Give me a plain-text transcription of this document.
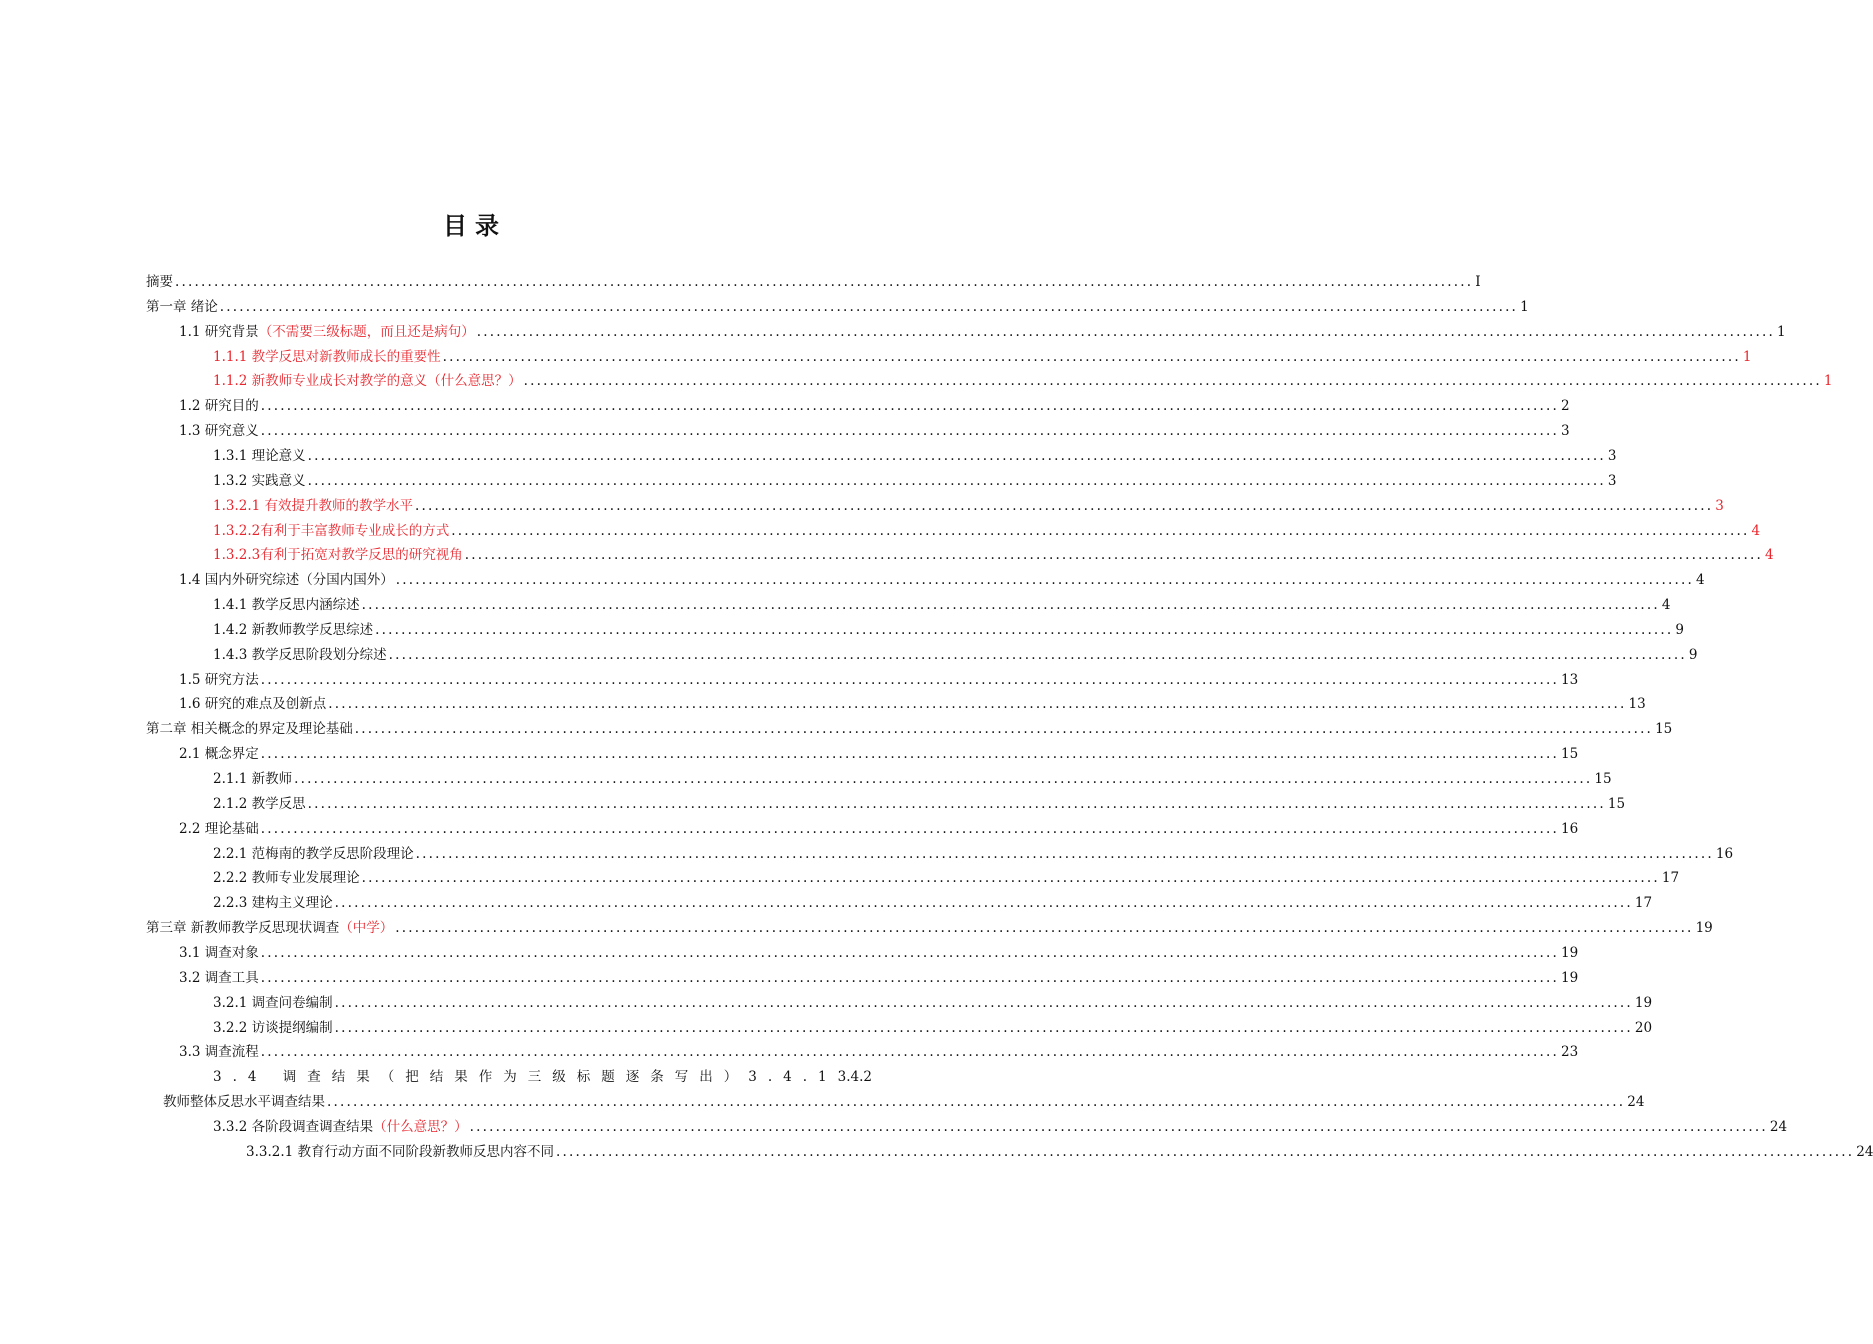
目录
摘要 ........................................................................................................................................................................................................ I
第一章 绪论 ........................................................................................................................................................................................................ 1
1.1 研究背景（不需要三级标题，而且还是病句） ........................................................................................................................................................................................................ 1
1.1.1 教学反思对新教师成长的重要性 ........................................................................................................................................................................................................ 1
1.1.2 新教师专业成长对教学的意义（什么意思？） ........................................................................................................................................................................................................ 1
1.2 研究目的 ........................................................................................................................................................................................................ 2
1.3 研究意义 ........................................................................................................................................................................................................ 3
1.3.1 理论意义 ........................................................................................................................................................................................................ 3
1.3.2 实践意义 ........................................................................................................................................................................................................ 3
1.3.2.1 有效提升教师的教学水平 ........................................................................................................................................................................................................ 3
1.3.2.2有利于丰富教师专业成长的方式 ........................................................................................................................................................................................................ 4
1.3.2.3有利于拓宽对教学反思的研究视角 ........................................................................................................................................................................................................ 4
1.4 国内外研究综述（分国内国外） ........................................................................................................................................................................................................ 4
1.4.1 教学反思内涵综述 ........................................................................................................................................................................................................ 4
1.4.2 新教师教学反思综述 ........................................................................................................................................................................................................ 9
1.4.3 教学反思阶段划分综述 ........................................................................................................................................................................................................ 9
1.5 研究方法 ........................................................................................................................................................................................................ 13
1.6 研究的难点及创新点 ........................................................................................................................................................................................................ 13
第二章 相关概念的界定及理论基础 ........................................................................................................................................................................................................ 15
2.1 概念界定 ........................................................................................................................................................................................................ 15
2.1.1 新教师 ........................................................................................................................................................................................................ 15
2.1.2 教学反思 ........................................................................................................................................................................................................ 15
2.2 理论基础 ........................................................................................................................................................................................................ 16
2.2.1 范梅南的教学反思阶段理论 ........................................................................................................................................................................................................ 16
2.2.2 教师专业发展理论 ........................................................................................................................................................................................................ 17
2.2.3 建构主义理论 ........................................................................................................................................................................................................ 17
第三章 新教师教学反思现状调查（中学） ........................................................................................................................................................................................................ 19
3.1 调查对象 ........................................................................................................................................................................................................ 19
3.2 调查工具 ........................................................................................................................................................................................................ 19
3.2.1 调查问卷编制 ........................................................................................................................................................................................................ 19
3.2.2 访谈提纲编制 ........................................................................................................................................................................................................ 20
3.3 调查流程 ........................................................................................................................................................................................................ 23
3.4 调查结果（把结果作为三级标题逐条写出）3.4.1 3.4.2
教师整体反思水平调查结果 ........................................................................................................................................................................................................ 24
3.3.2 各阶段调查调查结果（什么意思？） ........................................................................................................................................................................................................ 24
3.3.2.1 教育行动方面不同阶段新教师反思内容不同 ........................................................................................................................................................................................................ 24
